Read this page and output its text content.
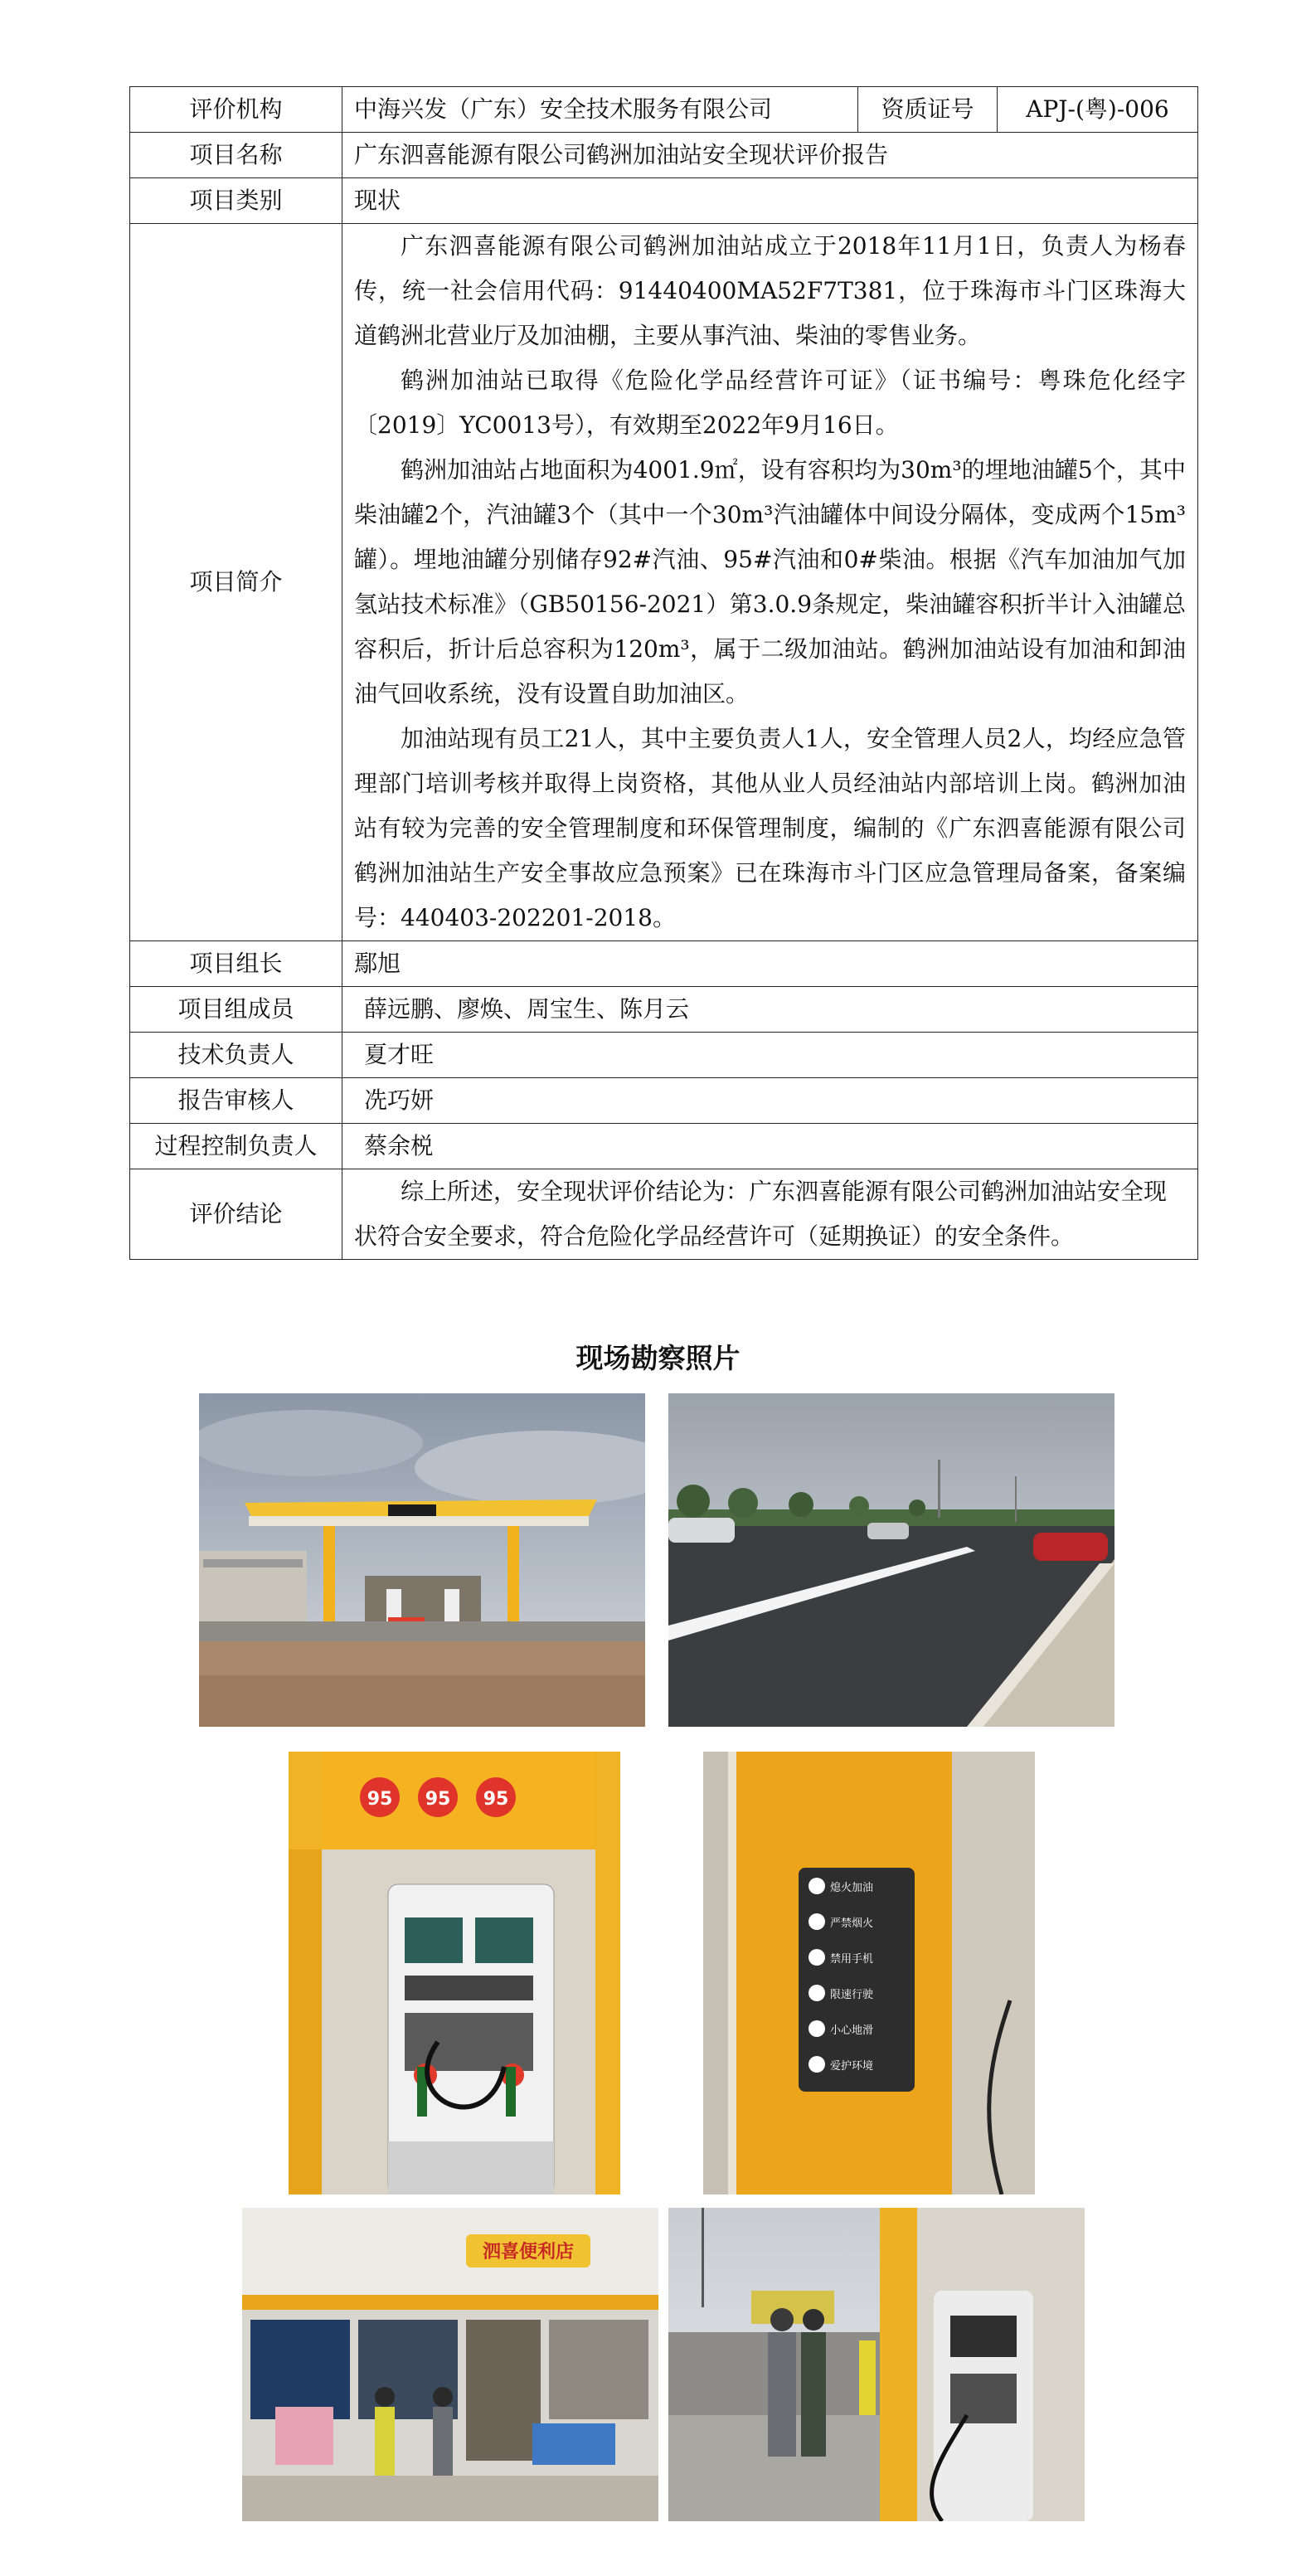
评价机构	中海兴发（广东）安全技术服务有限公司	资质证号	APJ-(粤)-006
项目名称	广东泗喜能源有限公司鹤洲加油站安全现状评价报告		
项目类别	现状		
项目简介	广东泗喜能源有限公司鹤洲加油站成立于2018年11月1日，负责人为杨春传，统一社会信用代码：91440400MA52F7T381，位于珠海市斗门区珠海大道鹤洲北营业厅及加油棚，主要从事汽油、柴油的零售业务。

鹤洲加油站已取得《危险化学品经营许可证》（证书编号：粤珠危化经字〔2019〕YC0013号），有效期至2022年9月16日。

鹤洲加油站占地面积为4001.9㎡，设有容积均为30m³的埋地油罐5个，其中柴油罐2个，汽油罐3个（其中一个30m³汽油罐体中间设分隔体，变成两个15m³罐）。埋地油罐分别储存92#汽油、95#汽油和0#柴油。根据《汽车加油加气加氢站技术标准》（GB50156-2021）第3.0.9条规定，柴油罐容积折半计入油罐总容积后，折计后总容积为120m³，属于二级加油站。鹤洲加油站设有加油和卸油油气回收系统，没有设置自助加油区。

加油站现有员工21人，其中主要负责人1人，安全管理人员2人，均经应急管理部门培训考核并取得上岗资格，其他从业人员经油站内部培训上岗。鹤洲加油站有较为完善的安全管理制度和环保管理制度，编制的《广东泗喜能源有限公司鹤洲加油站生产安全事故应急预案》已在珠海市斗门区应急管理局备案，备案编号：440403-202201-2018。		

项目组长	鄢旭		
项目组成员	薛远鹏、廖焕、周宝生、陈月云		
技术负责人	夏才旺		
报告审核人	冼巧妍		
过程控制负责人	蔡余棁		
评价结论	综上所述，安全现状评价结论为：广东泗喜能源有限公司鹤洲加油站安全现状符合安全要求，符合危险化学品经营许可（延期换证）的安全条件。		

现场勘察照片
95 95 95
熄火加油
严禁烟火
禁用手机
限速行驶
小心地滑
爱护环境
泗喜便利店
